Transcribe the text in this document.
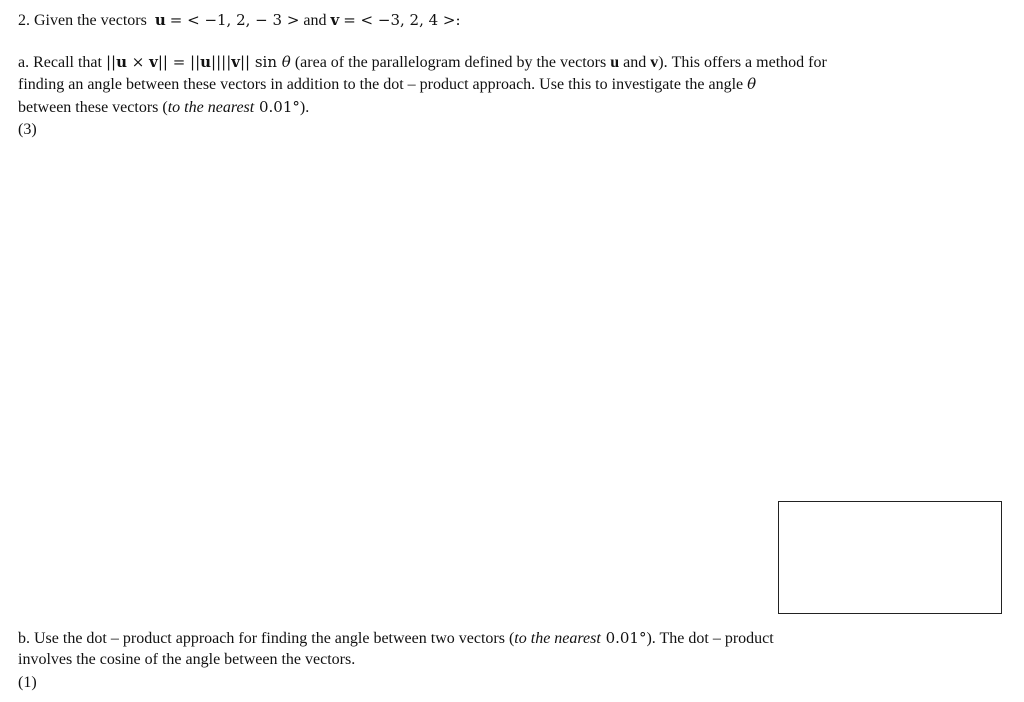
2. Given the vectors u = < −1, 2, − 3 > and v = < −3, 2, 4 >:
a. Recall that ||u × v|| = ||u||||v|| sin θ (area of the parallelogram defined by the vectors u and v). This offers a method for
finding an angle between these vectors in addition to the dot – product approach. Use this to investigate the angle θ
between these vectors (to the nearest 0.01°).
(3)
b. Use the dot – product approach for finding the angle between two vectors (to the nearest 0.01°). The dot – product
involves the cosine of the angle between the vectors.
(1)
